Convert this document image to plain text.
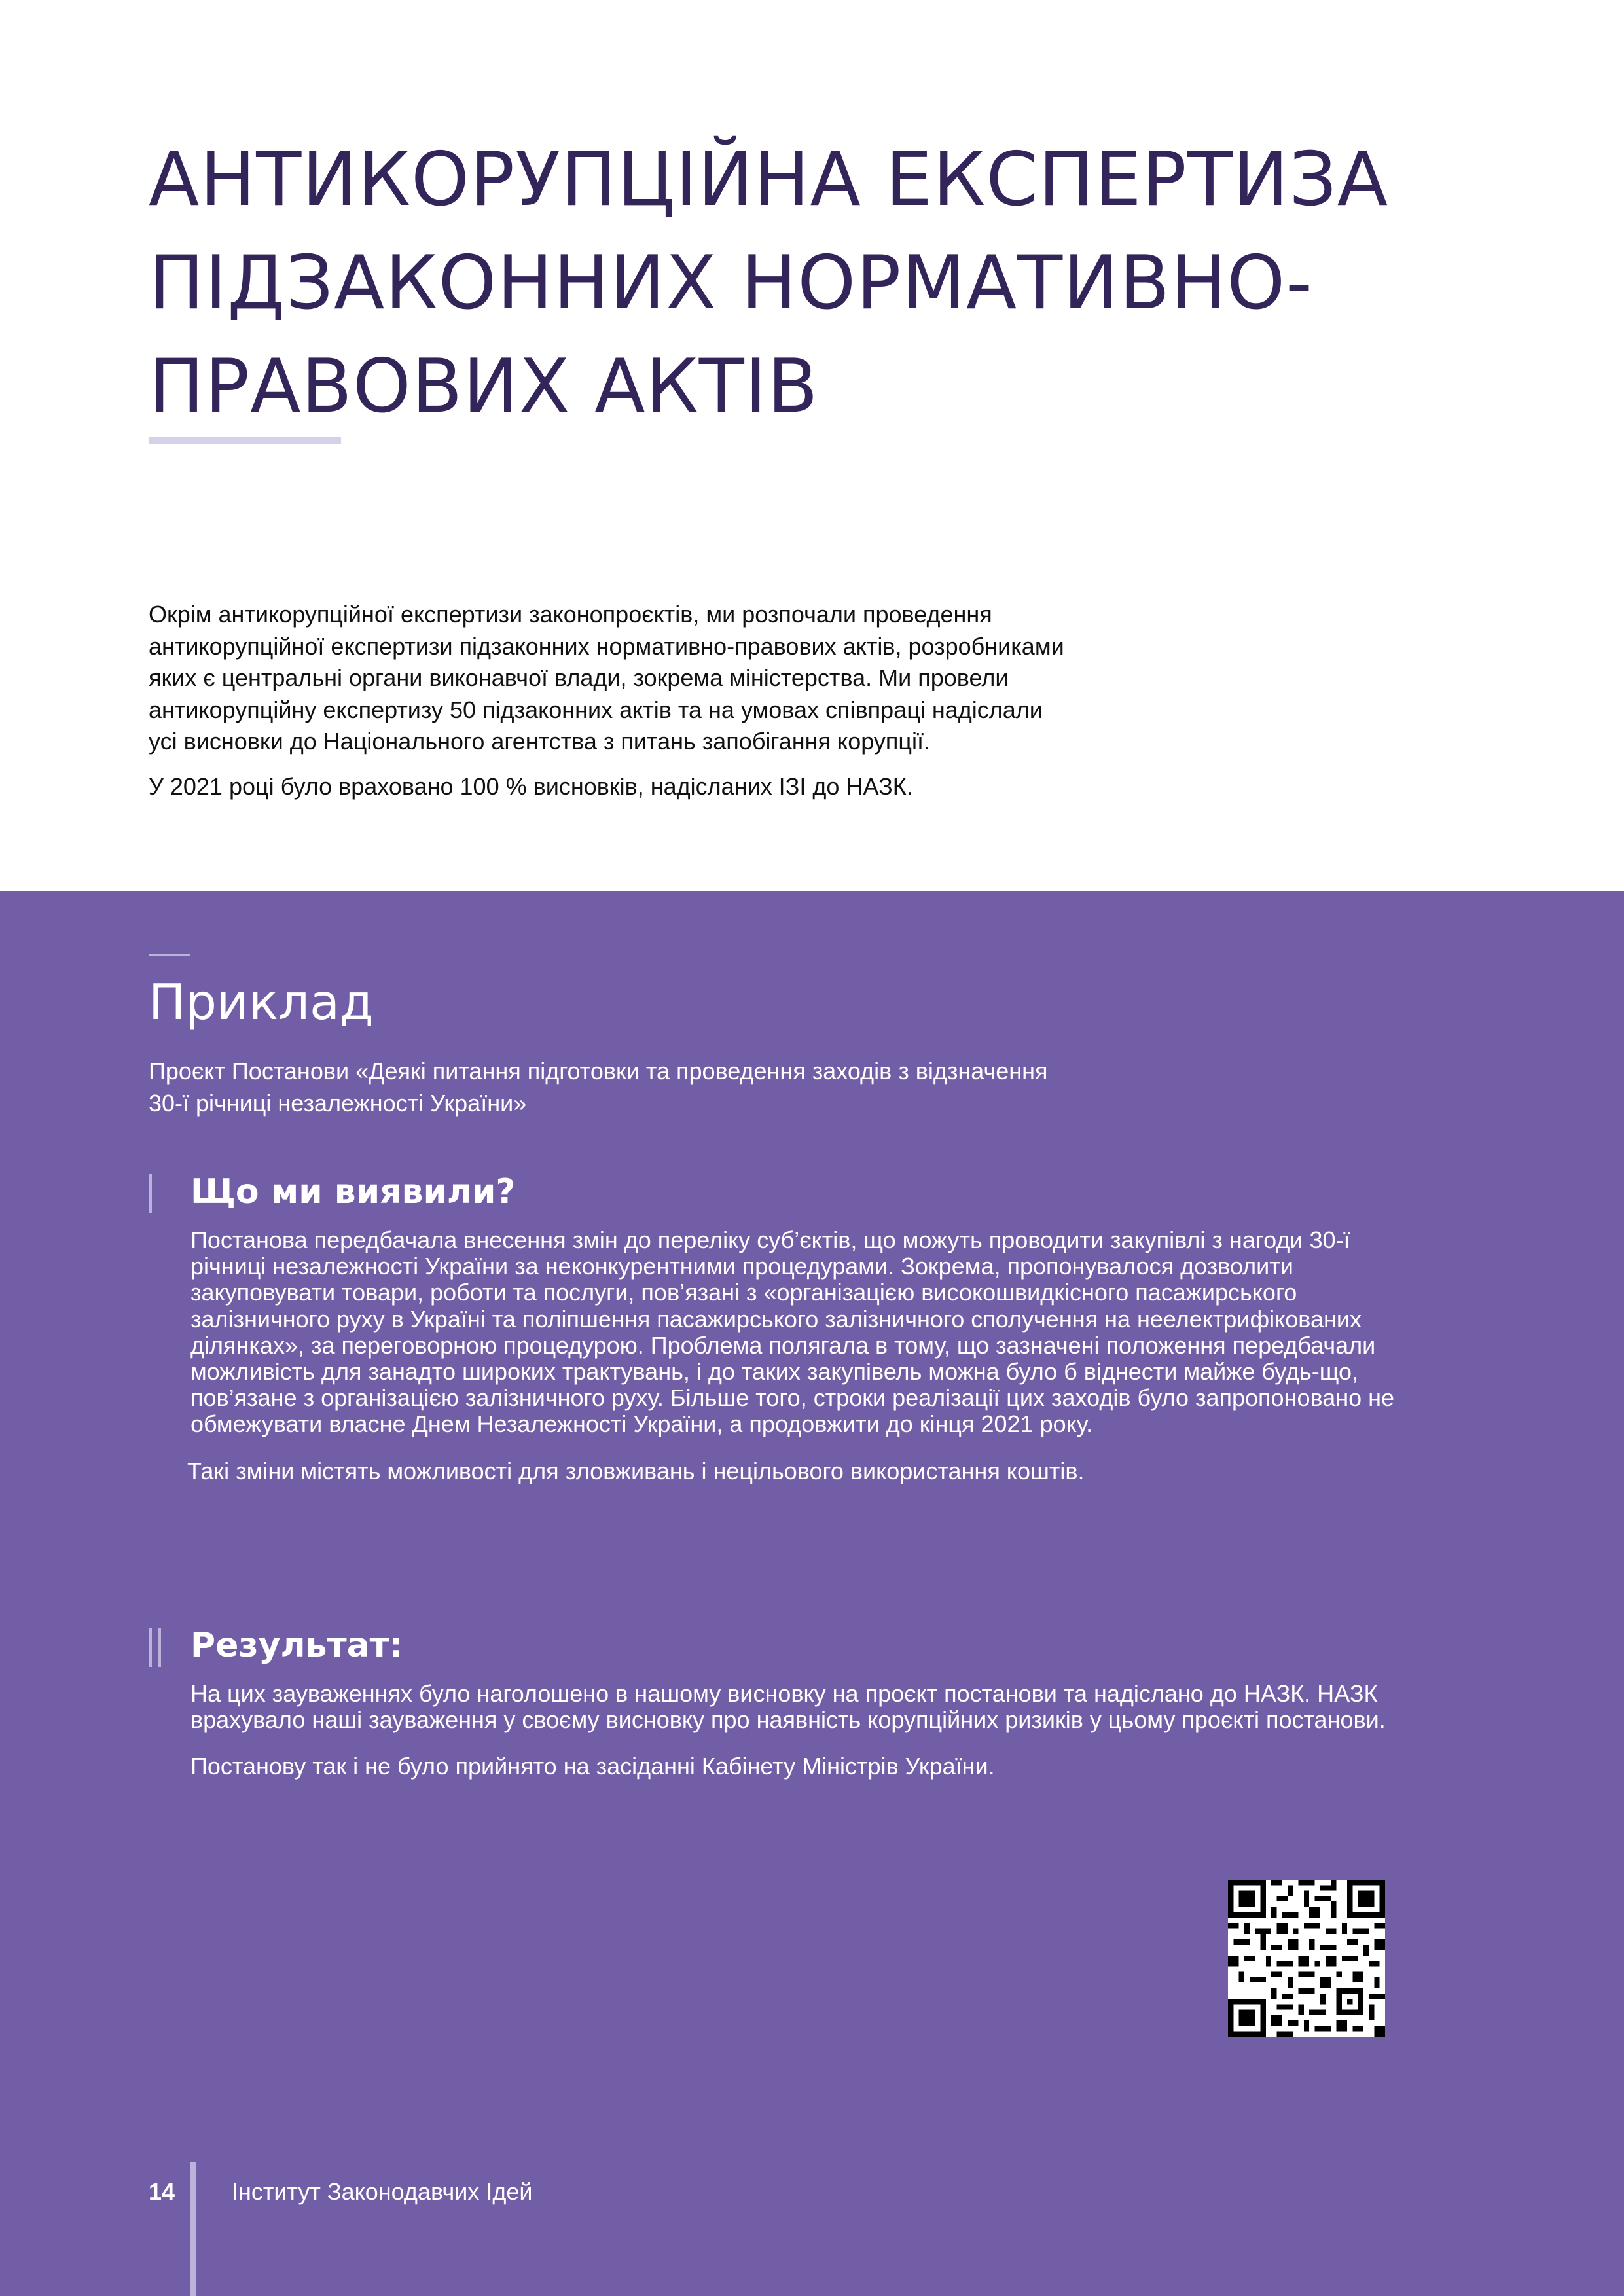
АНТИКОРУПЦІЙНА ЕКСПЕРТИЗА
ПІДЗАКОННИХ НОРМАТИВНО-
ПРАВОВИХ АКТІВ

Окрім антикорупційної експертизи законопроєктів, ми розпочали проведення антикорупційної експертизи підзаконних нормативно-правових актів, розробниками яких є центральні органи виконавчої влади, зокрема міністерства. Ми провели антикорупційну експертизу 50 підзаконних актів та на умовах співпраці надіслали усі висновки до Національного агентства з питань запобігання корупції.

У 2021 році було враховано 100 % висновків, надісланих ІЗІ до НАЗК.

Приклад

Проєкт Постанови «Деякі питання підготовки та проведення заходів з відзначення 30-ї річниці незалежності України»

Що ми виявили?

Постанова передбачала внесення змін до переліку суб’єктів, що можуть проводити закупівлі з нагоди 30-ї річниці незалежності України за неконкурентними процедурами. Зокрема, пропонувалося дозволити закуповувати товари, роботи та послуги, пов’язані з «організацією високошвидкісного пасажирського залізничного руху в Україні та поліпшення пасажирського залізничного сполучення на неелектрифікованих ділянках», за переговорною процедурою. Проблема полягала в тому, що зазначені положення передбачали можливість для занадто широких трактувань, і до таких закупівель можна було б віднести майже будь-що, пов’язане з організацією залізничного руху. Більше того, строки реалізації цих заходів було запропоновано не обмежувати власне Днем Незалежності України, а продовжити до кінця 2021 року.

Такі зміни містять можливості для зловживань і нецільового використання коштів.

Результат:

На цих зауваженнях було наголошено в нашому висновку на проєкт постанови та надіслано до НАЗК. НАЗК врахувало наші зауваження у своєму висновку про наявність корупційних ризиків у цьому проєкті постанови.

Постанову так і не було прийнято на засіданні Кабінету Міністрів України.

14 Інститут Законодавчих Ідей
